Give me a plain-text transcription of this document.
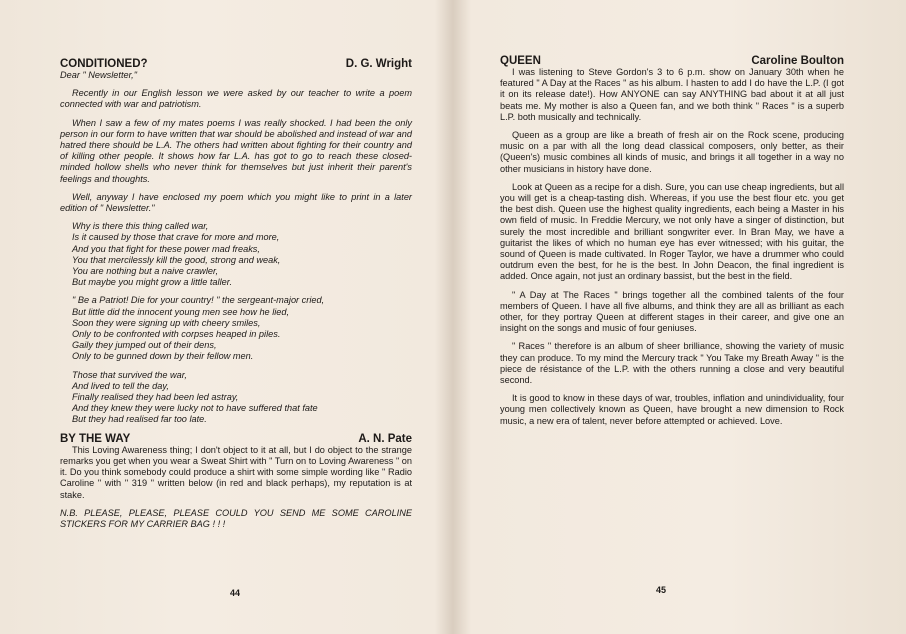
CONDITIONED?	D. G. Wright

Dear " Newsletter,"

Recently in our English lesson we were asked by our teacher to write a poem connected with war and patriotism.

When I saw a few of my mates poems I was really shocked. I had been the only person in our form to have written that war should be abolished and instead of war and hatred there should be L.A. The others had written about fighting for their country and of killing other people. It shows how far L.A. has got to go to reach these closed-minded hollow shells who never think for themselves but just inherit their parent's feelings and thoughts.

Well, anyway I have enclosed my poem which you might like to print in a later edition of " Newsletter."

Why is there this thing called war,
Is it caused by those that crave for more and more,
And you that fight for these power mad freaks,
You that mercilessly kill the good, strong and weak,
You are nothing but a naive crawler,
But maybe you might grow a little taller.
" Be a Patriot! Die for your country! " the sergeant-major cried,
But little did the innocent young men see how he lied,
Soon they were signing up with cheery smiles,
Only to be confronted with corpses heaped in piles.
Gaily they jumped out of their dens,
Only to be gunned down by their fellow men.
Those that survived the war,
And lived to tell the day,
Finally realised they had been led astray,
And they knew they were lucky not to have suffered that fate
But they had realised far too late.
BY THE WAY	A. N. Pate

This Loving Awareness thing; I don't object to it at all, but I do object to the strange remarks you get when you wear a Sweat Shirt with " Turn on to Loving Awareness " on it. Do you think somebody could produce a shirt with some simple wording like " Radio Caroline " with " 319 " written below (in red and black perhaps), my reputation is at stake.

N.B. PLEASE, PLEASE, PLEASE COULD YOU SEND ME SOME CAROLINE STICKERS FOR MY CARRIER BAG ! ! !

44
QUEEN	Caroline Boulton

I was listening to Steve Gordon's 3 to 6 p.m. show on January 30th when he featured " A Day at the Races " as his album. I hasten to add I do have the L.P. (I got it on its release date!). How ANYONE can say ANYTHING bad about it at all just beats me. My mother is also a Queen fan, and we both think " Races " is a superb L.P. both musically and technically.

Queen as a group are like a breath of fresh air on the Rock scene, producing music on a par with all the long dead classical composers, only better, as their (Queen's) music combines all kinds of music, and brings it all together in a way no other musicians in history have done.

Look at Queen as a recipe for a dish. Sure, you can use cheap ingredients, but all you will get is a cheap-tasting dish. Whereas, if you use the best flour etc. you get the best dish. Queen use the highest quality ingredients, each being a Master in his own field of music. In Freddie Mercury, we not only have a singer of distinction, but surely the most incredible and brilliant songwriter ever. In Bran May, we have a guitarist the likes of which no human eye has ever witnessed; with his guitar, the sound of Queen is made cultivated. In Roger Taylor, we have a drummer who could outdrum even the best, for he is the best. In John Deacon, the final ingredient is added. Once again, not just an ordinary bassist, but the best in the field.

" A Day at The Races " brings together all the combined talents of the four members of Queen. I have all five albums, and think they are all as brilliant as each other, for they portray Queen at different stages in their career, and give one an insight on the songs and music of four geniuses.

" Races " therefore is an album of sheer brilliance, showing the variety of music they can produce. To my mind the Mercury track " You Take my Breath Away " is the piece de résistance of the L.P. with the others running a close and very beautiful second.

It is good to know in these days of war, troubles, inflation and unindividuality, four young men collectively known as Queen, have brought a new dimension to Rock music, a new era of talent, never before attempted or achieved. Love.

45
